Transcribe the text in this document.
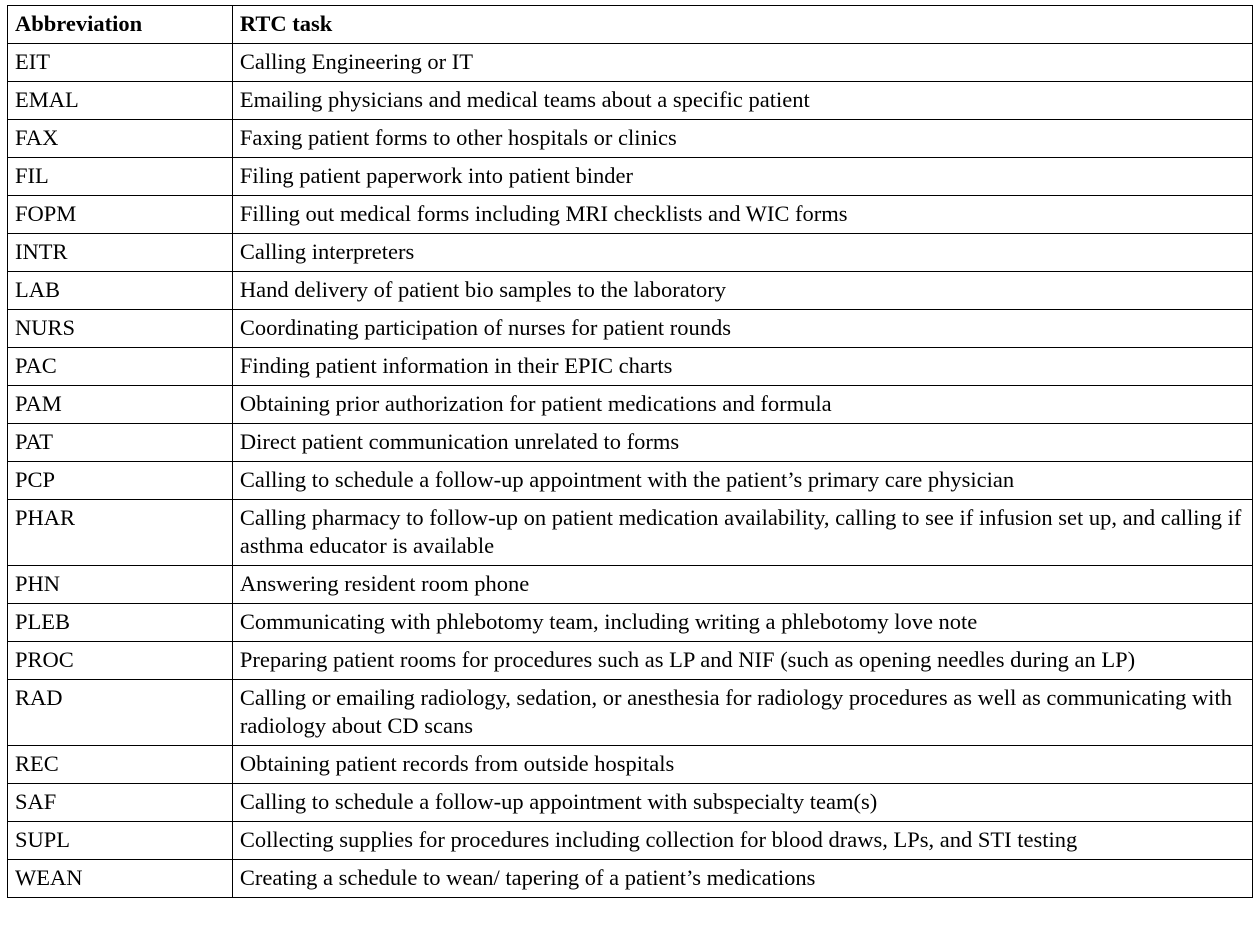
Abbreviation	RTC task
EIT	Calling Engineering or IT
EMAL	Emailing physicians and medical teams about a specific patient
FAX	Faxing patient forms to other hospitals or clinics
FIL	Filing patient paperwork into patient binder
FOPM	Filling out medical forms including MRI checklists and WIC forms
INTR	Calling interpreters
LAB	Hand delivery of patient bio samples to the laboratory
NURS	Coordinating participation of nurses for patient rounds
PAC	Finding patient information in their EPIC charts
PAM	Obtaining prior authorization for patient medications and formula
PAT	Direct patient communication unrelated to forms
PCP	Calling to schedule a follow-up appointment with the patient’s primary care physician
PHAR	Calling pharmacy to follow-up on patient medication availability, calling to see if infusion set up, and calling if asthma educator is available
PHN	Answering resident room phone
PLEB	Communicating with phlebotomy team, including writing a phlebotomy love note
PROC	Preparing patient rooms for procedures such as LP and NIF (such as opening needles during an LP)
RAD	Calling or emailing radiology, sedation, or anesthesia for radiology procedures as well as communicating with radiology about CD scans
REC	Obtaining patient records from outside hospitals
SAF	Calling to schedule a follow-up appointment with subspecialty team(s)
SUPL	Collecting supplies for procedures including collection for blood draws, LPs, and STI testing
WEAN	Creating a schedule to wean/ tapering of a patient’s medications
